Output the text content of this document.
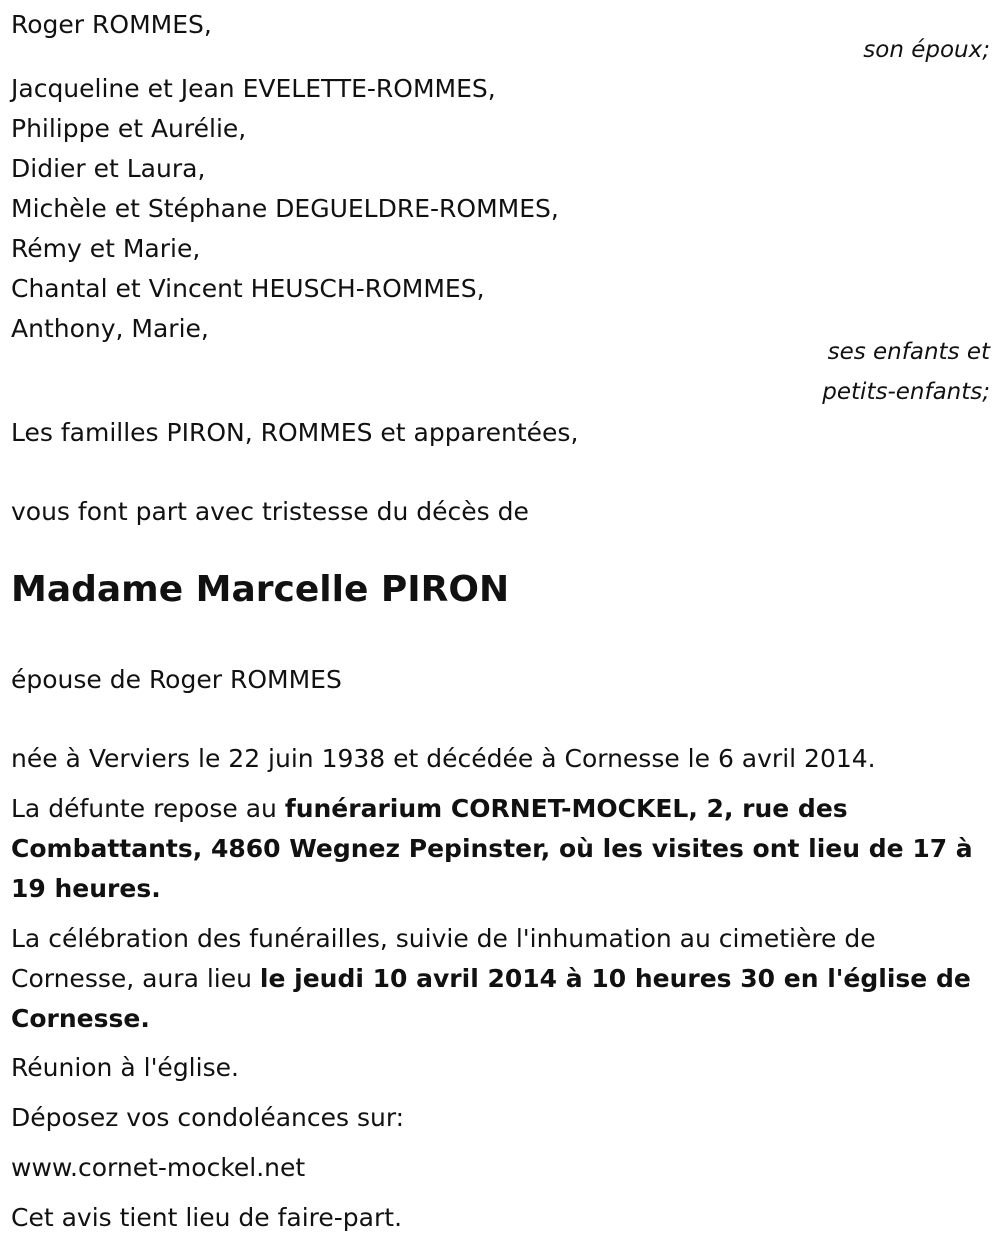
Roger ROMMES,
son époux;
Jacqueline et Jean EVELETTE-ROMMES,
Philippe et Aurélie,
Didier et Laura,
Michèle et Stéphane DEGUELDRE-ROMMES,
Rémy et Marie,
Chantal et Vincent HEUSCH-ROMMES,
Anthony, Marie,
ses enfants et
petits-enfants;
Les familles PIRON, ROMMES et apparentées,
vous font part avec tristesse du décès de
Madame Marcelle PIRON
épouse de Roger ROMMES
née à Verviers le 22 juin 1938 et décédée à Cornesse le 6 avril 2014.
La défunte repose au funérarium CORNET-MOCKEL, 2, rue des Combattants, 4860 Wegnez Pepinster, où les visites ont lieu de 17 à 19 heures.
La célébration des funérailles, suivie de l'inhumation au cimetière de Cornesse, aura lieu le jeudi 10 avril 2014 à 10 heures 30 en l'église de Cornesse.
Réunion à l'église.
Déposez vos condoléances sur:
www.cornet-mockel.net
Cet avis tient lieu de faire-part.
